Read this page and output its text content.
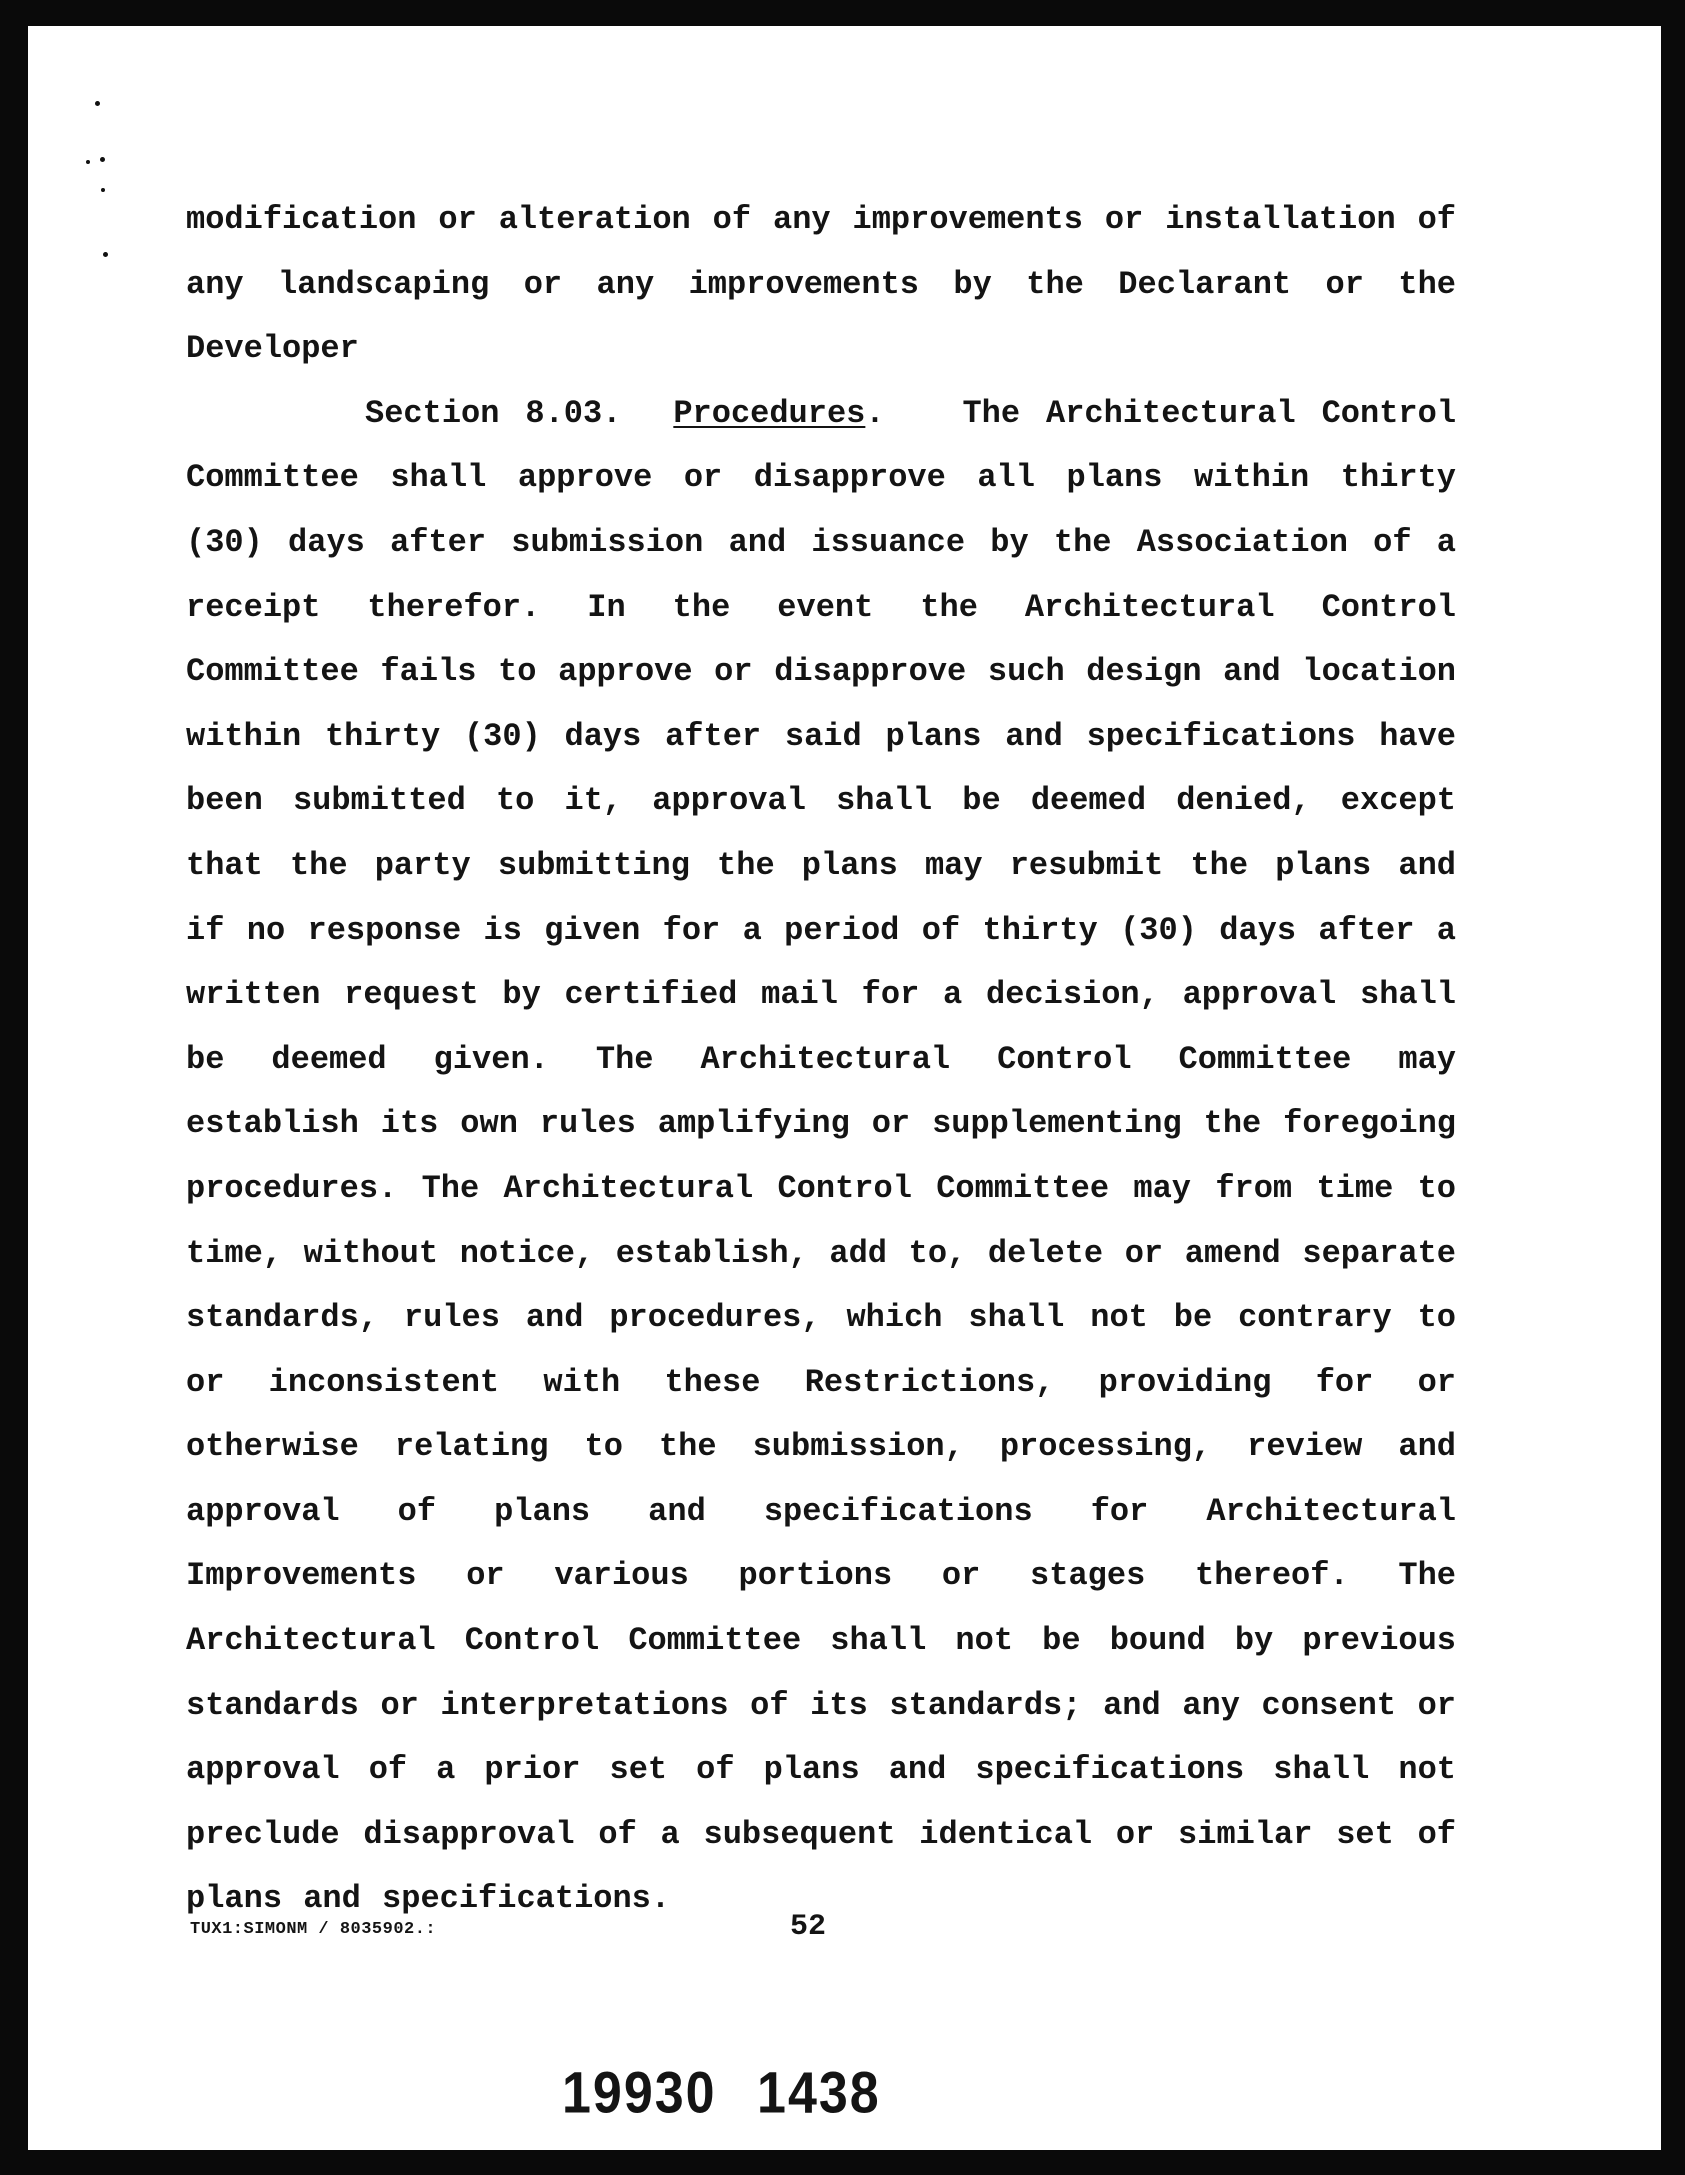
modification or alteration of any improvements or installation of any landscaping or any improvements by the Declarant or the Developer

Section 8.03. Procedures. The Architectural Control Committee shall approve or disapprove all plans within thirty (30) days after submission and issuance by the Association of a receipt therefor. In the event the Architectural Control Committee fails to approve or disapprove such design and location within thirty (30) days after said plans and specifications have been submitted to it, approval shall be deemed denied, except that the party submitting the plans may resubmit the plans and if no response is given for a period of thirty (30) days after a written request by certified mail for a decision, approval shall be deemed given. The Architectural Control Committee may establish its own rules amplifying or supplementing the foregoing procedures. The Architectural Control Committee may from time to time, without notice, establish, add to, delete or amend separate standards, rules and procedures, which shall not be contrary to or inconsistent with these Restrictions, providing for or otherwise relating to the submission, processing, review and approval of plans and specifications for Architectural Improvements or various portions or stages thereof. The Architectural Control Committee shall not be bound by previous standards or interpretations of its standards; and any consent or approval of a prior set of plans and specifications shall not preclude disapproval of a subsequent identical or similar set of plans and specifications.

TUX1:SIMONM / 8035902.:	52
19930 1438
